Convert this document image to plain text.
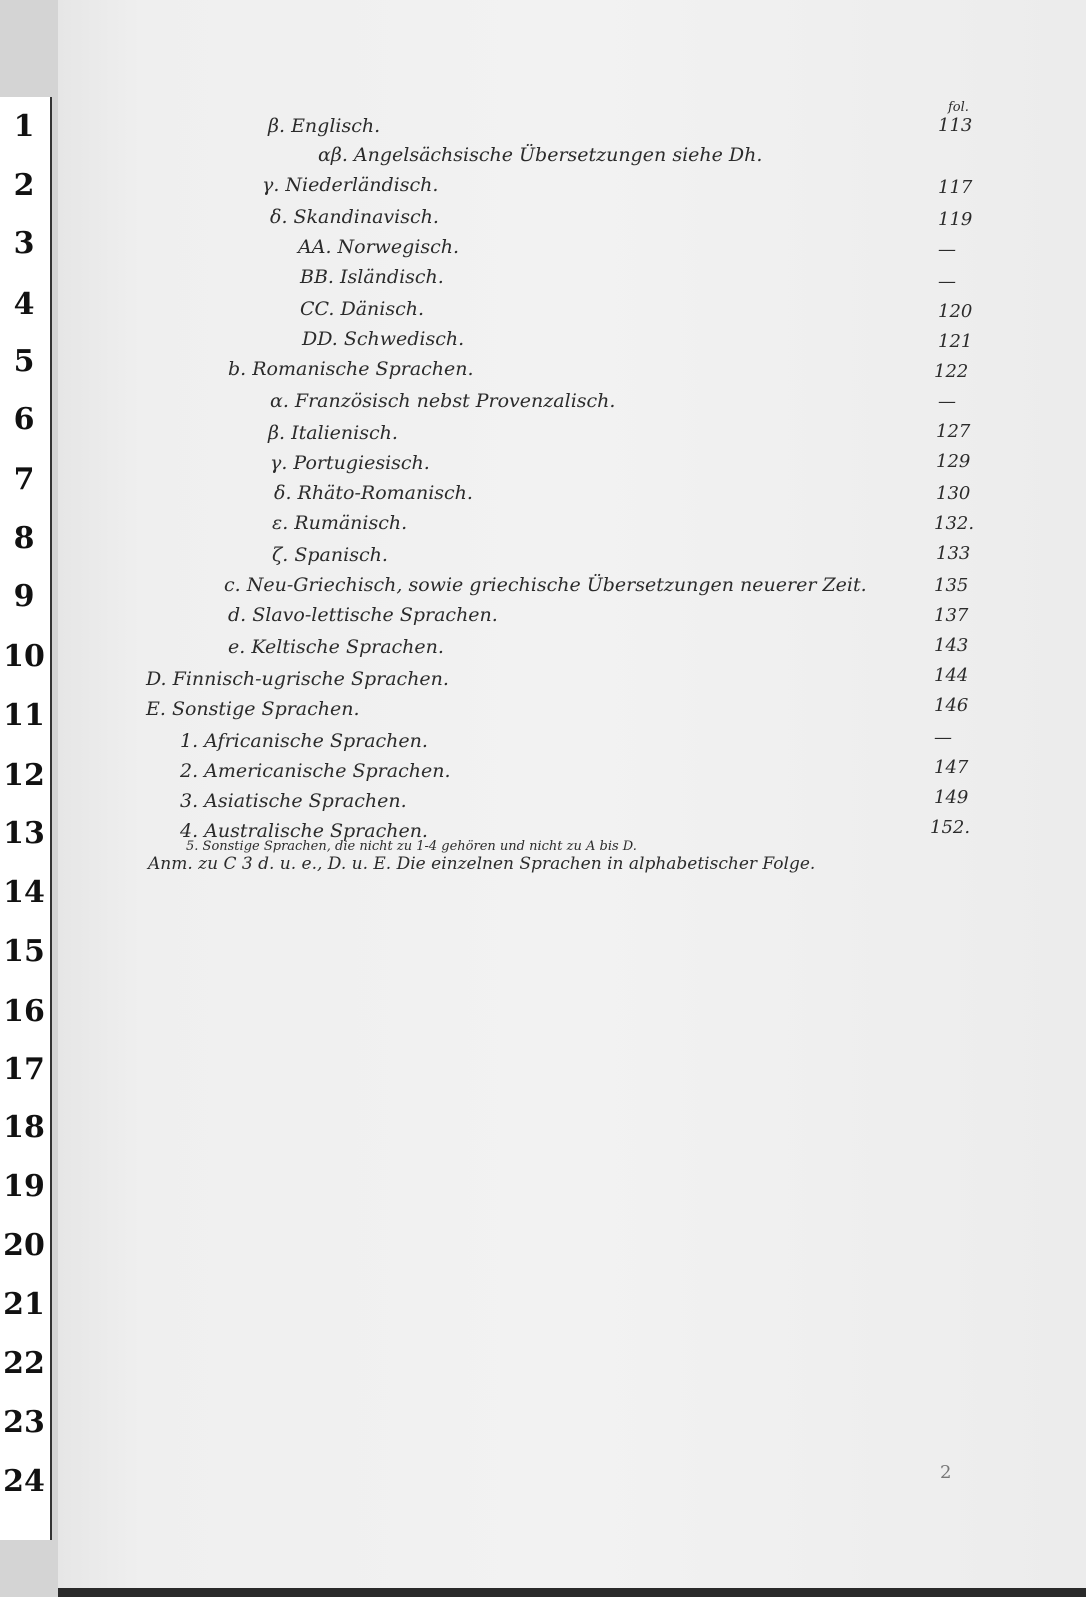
1
2
3
4
5
6
7
8
9
10
11
12
13
14
15
16
17
18
19
20
21
22
23
24
fol.
β. Englisch.	113
αβ. Angelsächsische Übersetzungen siehe Dh.
γ. Niederländisch.	117
δ. Skandinavisch.	119
AA. Norwegisch.	—
BB. Isländisch.	—
CC. Dänisch.	120
DD. Schwedisch.	121
b. Romanische Sprachen.	122
α. Französisch nebst Provenzalisch.	—
β. Italienisch.	127
γ. Portugiesisch.	129
δ. Rhäto-Romanisch.	130
ε. Rumänisch.	132.
ζ. Spanisch.	133
c. Neu-Griechisch, sowie griechische Übersetzungen neuerer Zeit.	135
d. Slavo-lettische Sprachen.	137
e. Keltische Sprachen.	143
D. Finnisch-ugrische Sprachen.	144
E. Sonstige Sprachen.	146
1. Africanische Sprachen.	—
2. Americanische Sprachen.	147
3. Asiatische Sprachen.	149
4. Australische Sprachen.	152.
5. Sonstige Sprachen, die nicht zu 1-4 gehören und nicht zu A bis D.
Anm. zu C 3 d. u. e., D. u. E. Die einzelnen Sprachen in alphabetischer Folge.
2
